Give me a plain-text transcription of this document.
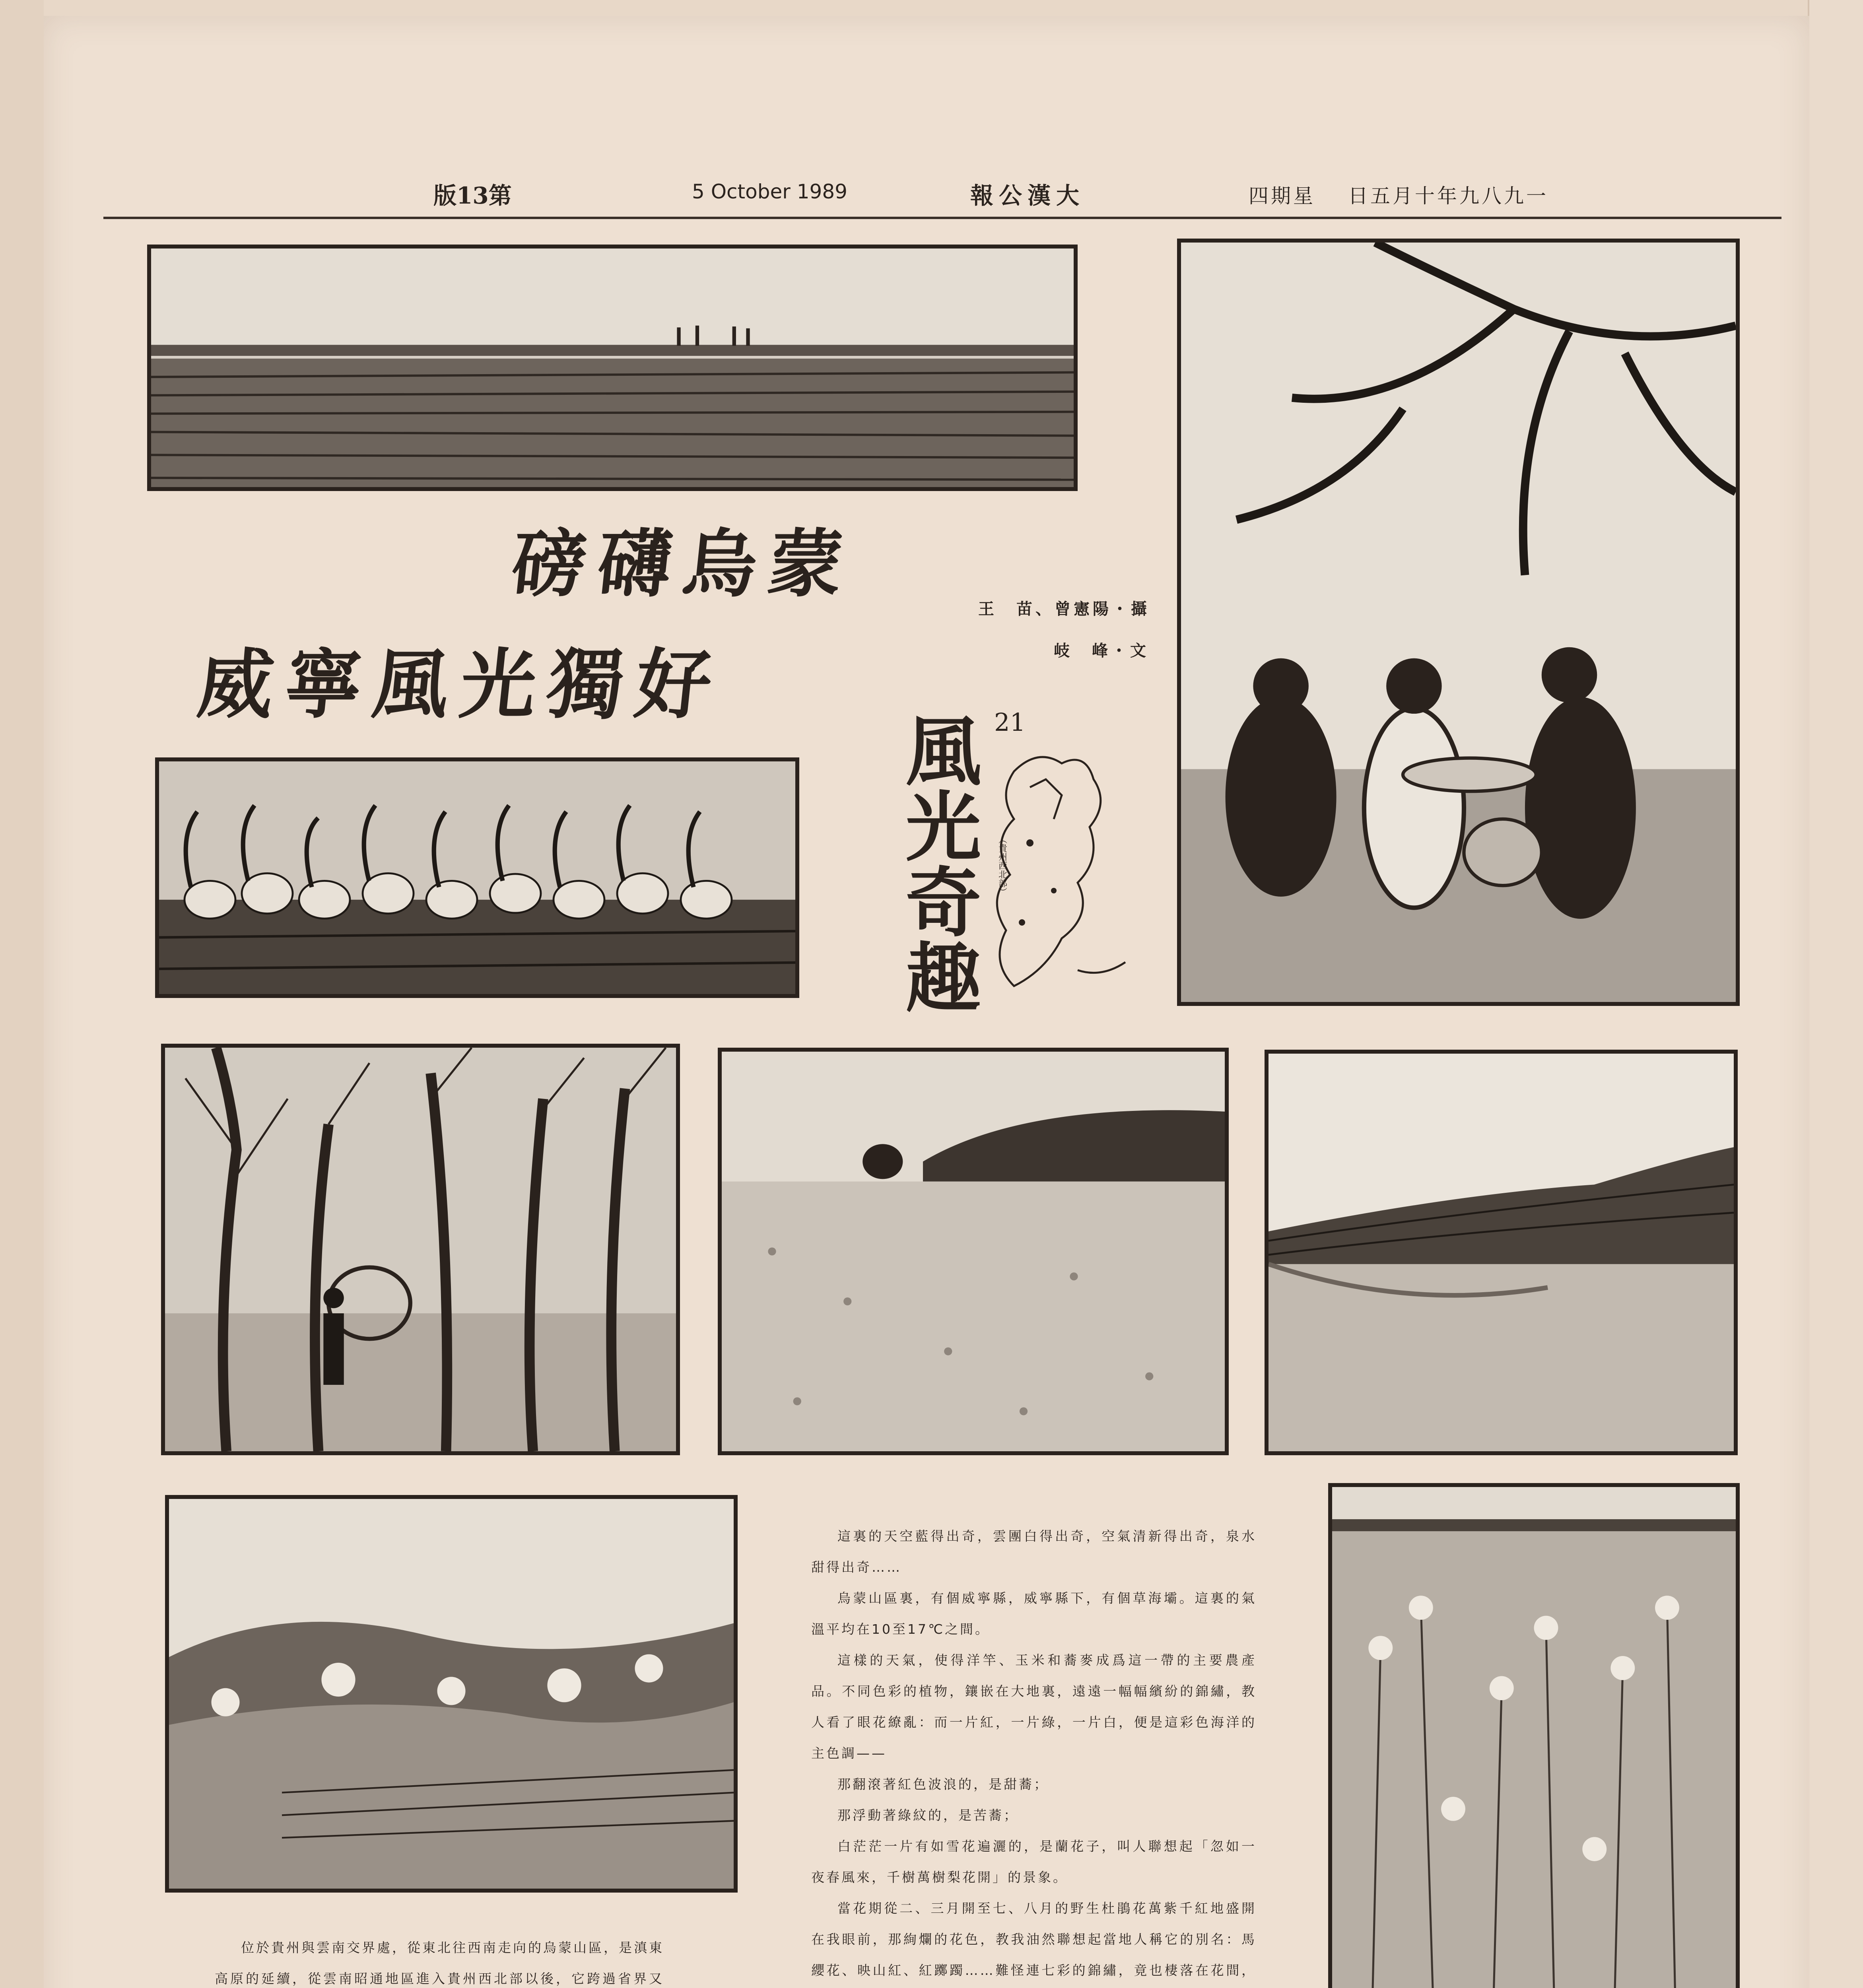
版13第	5 October 1989	報公漢大	四期星 日五月十年九八九一
磅礴烏蒙
威寧風光獨好
王　苗、曾憲陽・攝
岐　峰・文
21
風光奇趣	（貴州西北部）

這裏的天空藍得出奇，雲團白得出奇，空氣清新得出奇，泉水甜得出奇……

烏蒙山區裏，有個威寧縣，威寧縣下，有個草海壩。這裏的氣溫平均在10至17℃之間。

這樣的天氣，使得洋竿、玉米和蕎麥成爲這一帶的主要農產品。不同色彩的植物，鑲嵌在大地裏，遠遠一幅幅繽紛的錦繡，教人看了眼花繚亂：而一片紅，一片綠，一片白，便是這彩色海洋的主色調——

那翻滾著紅色波浪的，是甜蕎；

那浮動著綠紋的，是苦蕎；

白茫茫一片有如雪花遍灑的，是蘭花子，叫人聯想起「忽如一夜春風來，千樹萬樹梨花開」的景象。

當花期從二、三月開至七、八月的野生杜鵑花萬紫千紅地盛開在我眼前，那絢爛的花色，教我油然聯想起當地人稱它的別名：馬纓花、映山紅、紅躑躅……難怪連七彩的錦繡，竟也棲落在花間，

位於貴州與雲南交界處，從東北往西南走向的烏蒙山區，是滇東高原的延續，從雲南昭通地區進入貴州西北部以後，它跨過省界又
